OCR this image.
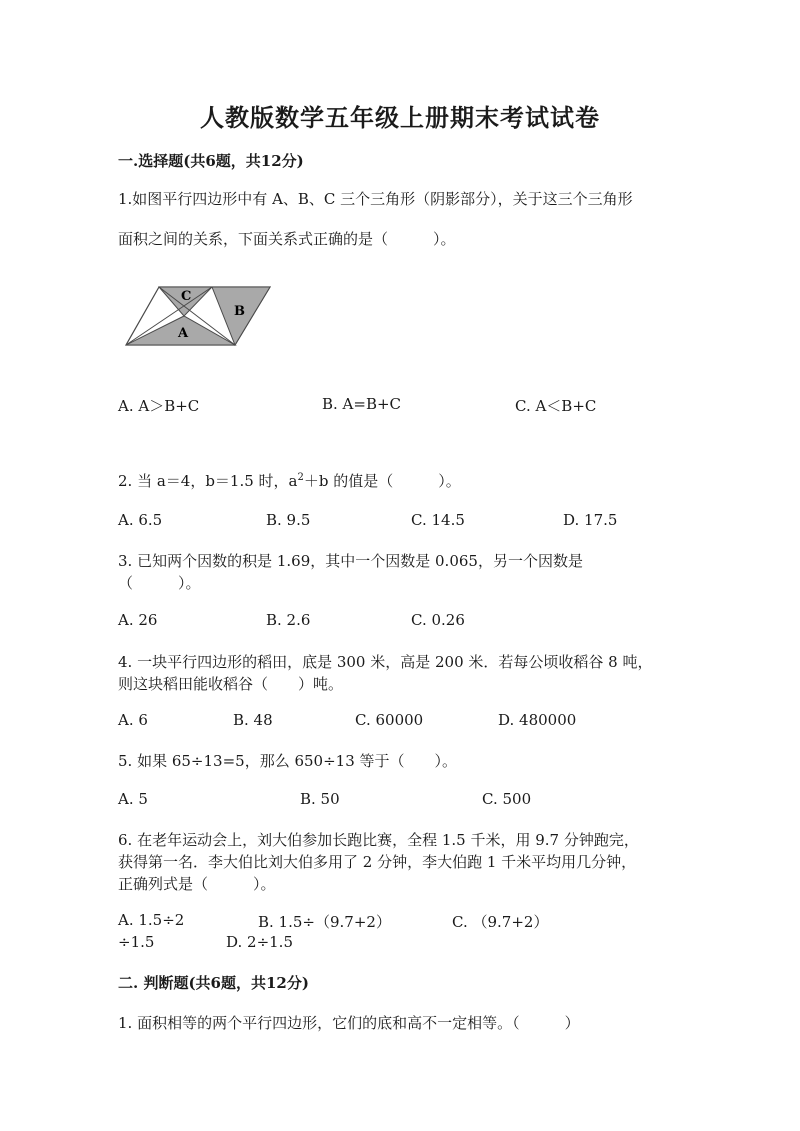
人教版数学五年级上册期末考试试卷
一.选择题(共6题，共12分)
1.如图平行四边形中有 A、B、C 三个三角形（阴影部分），关于这三个三角形
面积之间的关系，下面关系式正确的是（　　　）。
A
B
C
A. A＞B+C	B. A=B+C	C. A＜B+C
2. 当 a＝4，b＝1.5 时，$a^2+b$ 的值是（　　　）。
A. 6.5	B. 9.5	C. 14.5	D. 17.5
3. 已知两个因数的积是 1.69，其中一个因数是 0.065，另一个因数是
（　　　）。
A. 26	B. 2.6	C. 0.26
4. 一块平行四边形的稻田，底是 300 米，高是 200 米．若每公顷收稻谷 8 吨，
则这块稻田能收稻谷（　　）吨。
A. 6	B. 48	C. 60000	D. 480000
5. 如果 65÷13=5，那么 650÷13 等于（　　）。
A. 5	B. 50	C. 500
6. 在老年运动会上，刘大伯参加长跑比赛，全程 1.5 千米，用 9.7 分钟跑完，
获得第一名．李大伯比刘大伯多用了 2 分钟，李大伯跑 1 千米平均用几分钟，
正确列式是（　　　）。
A. 1.5÷2	B. 1.5÷（9.7+2）	C. （9.7+2）
÷1.5	D. 2÷1.5
二. 判断题(共6题，共12分)
1. 面积相等的两个平行四边形，它们的底和高不一定相等。（　　　）
